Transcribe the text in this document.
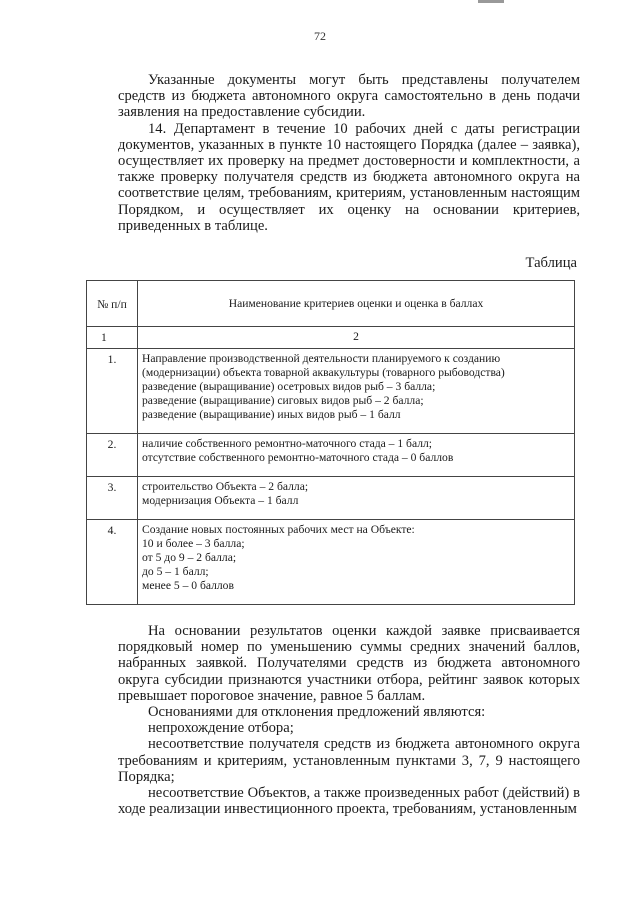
72

Указанные документы могут быть представлены получателем средств из бюджета автономного округа самостоятельно в день подачи заявления на предоставление субсидии.

14. Департамент в течение 10 рабочих дней с даты регистрации документов, указанных в пункте 10 настоящего Порядка (далее – заявка), осуществляет их проверку на предмет достоверности и комплектности, а также проверку получателя средств из бюджета автономного округа на соответствие целям, требованиям, критериям, установленным настоящим Порядком, и осуществляет их оценку на основании критериев, приведенных в таблице.

Таблица
№ п/п	Наименование критериев оценки и оценка в баллах
1	2
1.	Направление производственной деятельности планируемого к созданию
(модернизации) объекта товарной аквакультуры (товарного рыбоводства)
разведение (выращивание) осетровых видов рыб – 3 балла;
разведение (выращивание) сиговых видов рыб – 2 балла;
разведение (выращивание) иных видов рыб – 1 балл

2.	наличие собственного ремонтно-маточного стада – 1 балл;
отсутствие собственного ремонтно-маточного стада – 0 баллов

3.	строительство Объекта – 2 балла;
модернизация Объекта – 1 балл

4.	Создание новых постоянных рабочих мест на Объекте:
10 и более – 3 балла;
от 5 до 9 – 2 балла;
до 5 – 1 балл;
менее 5 – 0 баллов

На основании результатов оценки каждой заявке присваивается порядковый номер по уменьшению суммы средних значений баллов, набранных заявкой. Получателями средств из бюджета автономного округа субсидии признаются участники отбора, рейтинг заявок которых превышает пороговое значение, равное 5 баллам.

Основаниями для отклонения предложений являются:

непрохождение отбора;

несоответствие получателя средств из бюджета автономного округа требованиям и критериям, установленным пунктами 3, 7, 9 настоящего Порядка;

несоответствие Объектов, а также произведенных работ (действий) в ходе реализации инвестиционного проекта, требованиям, установленным
